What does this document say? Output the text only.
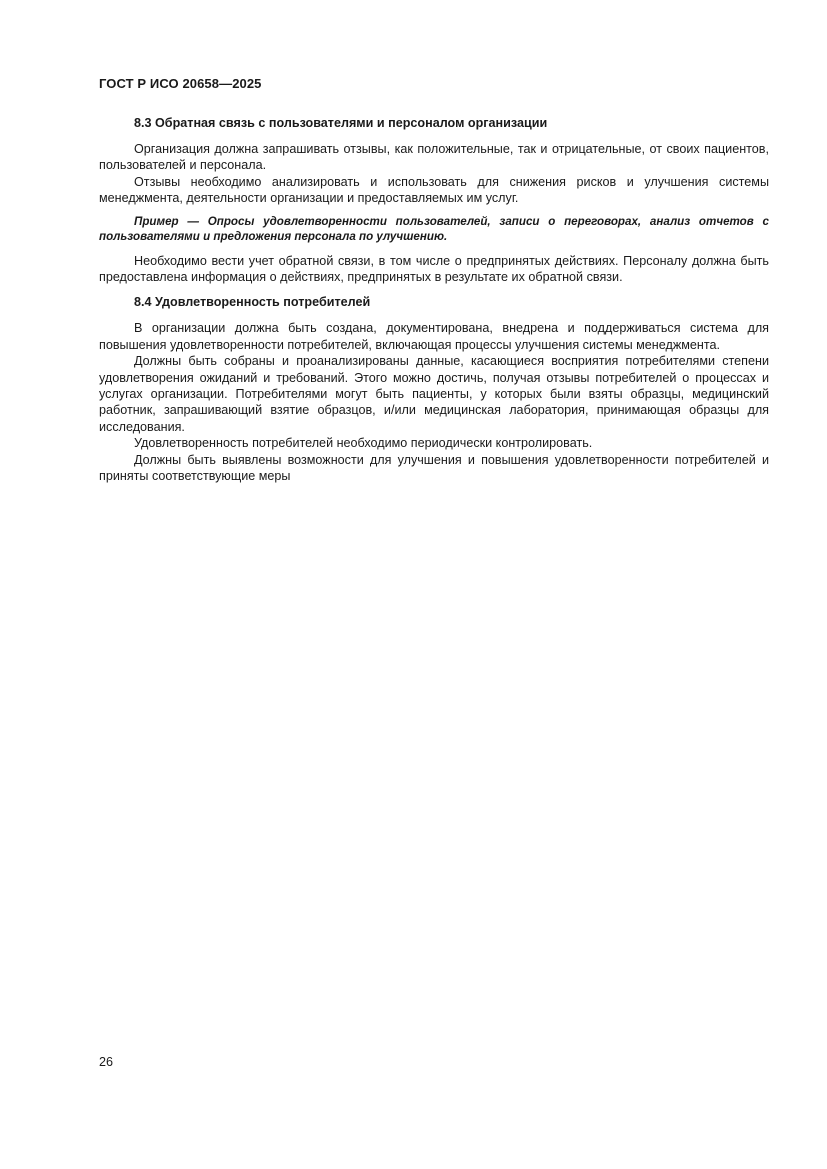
ГОСТ Р ИСО 20658—2025
8.3 Обратная связь с пользователями и персоналом организации

Организация должна запрашивать отзывы, как положительные, так и отрицательные, от своих пациентов, пользователей и персонала.

Отзывы необходимо анализировать и использовать для снижения рисков и улучшения системы менеджмента, деятельности организации и предоставляемых им услуг.

Пример — Опросы удовлетворенности пользователей, записи о переговорах, анализ отчетов с пользователями и предложения персонала по улучшению.

Необходимо вести учет обратной связи, в том числе о предпринятых действиях. Персоналу должна быть предоставлена информация о действиях, предпринятых в результате их обратной связи.

8.4 Удовлетворенность потребителей

В организации должна быть создана, документирована, внедрена и поддерживаться система для повышения удовлетворенности потребителей, включающая процессы улучшения системы менеджмента.

Должны быть собраны и проанализированы данные, касающиеся восприятия потребителями степени удовлетворения ожиданий и требований. Этого можно достичь, получая отзывы потребителей о процессах и услугах организации. Потребителями могут быть пациенты, у которых были взяты образцы, медицинский работник, запрашивающий взятие образцов, и/или медицинская лаборатория, принимающая образцы для исследования.

Удовлетворенность потребителей необходимо периодически контролировать.

Должны быть выявлены возможности для улучшения и повышения удовлетворенности потребителей и приняты соответствующие меры

26
